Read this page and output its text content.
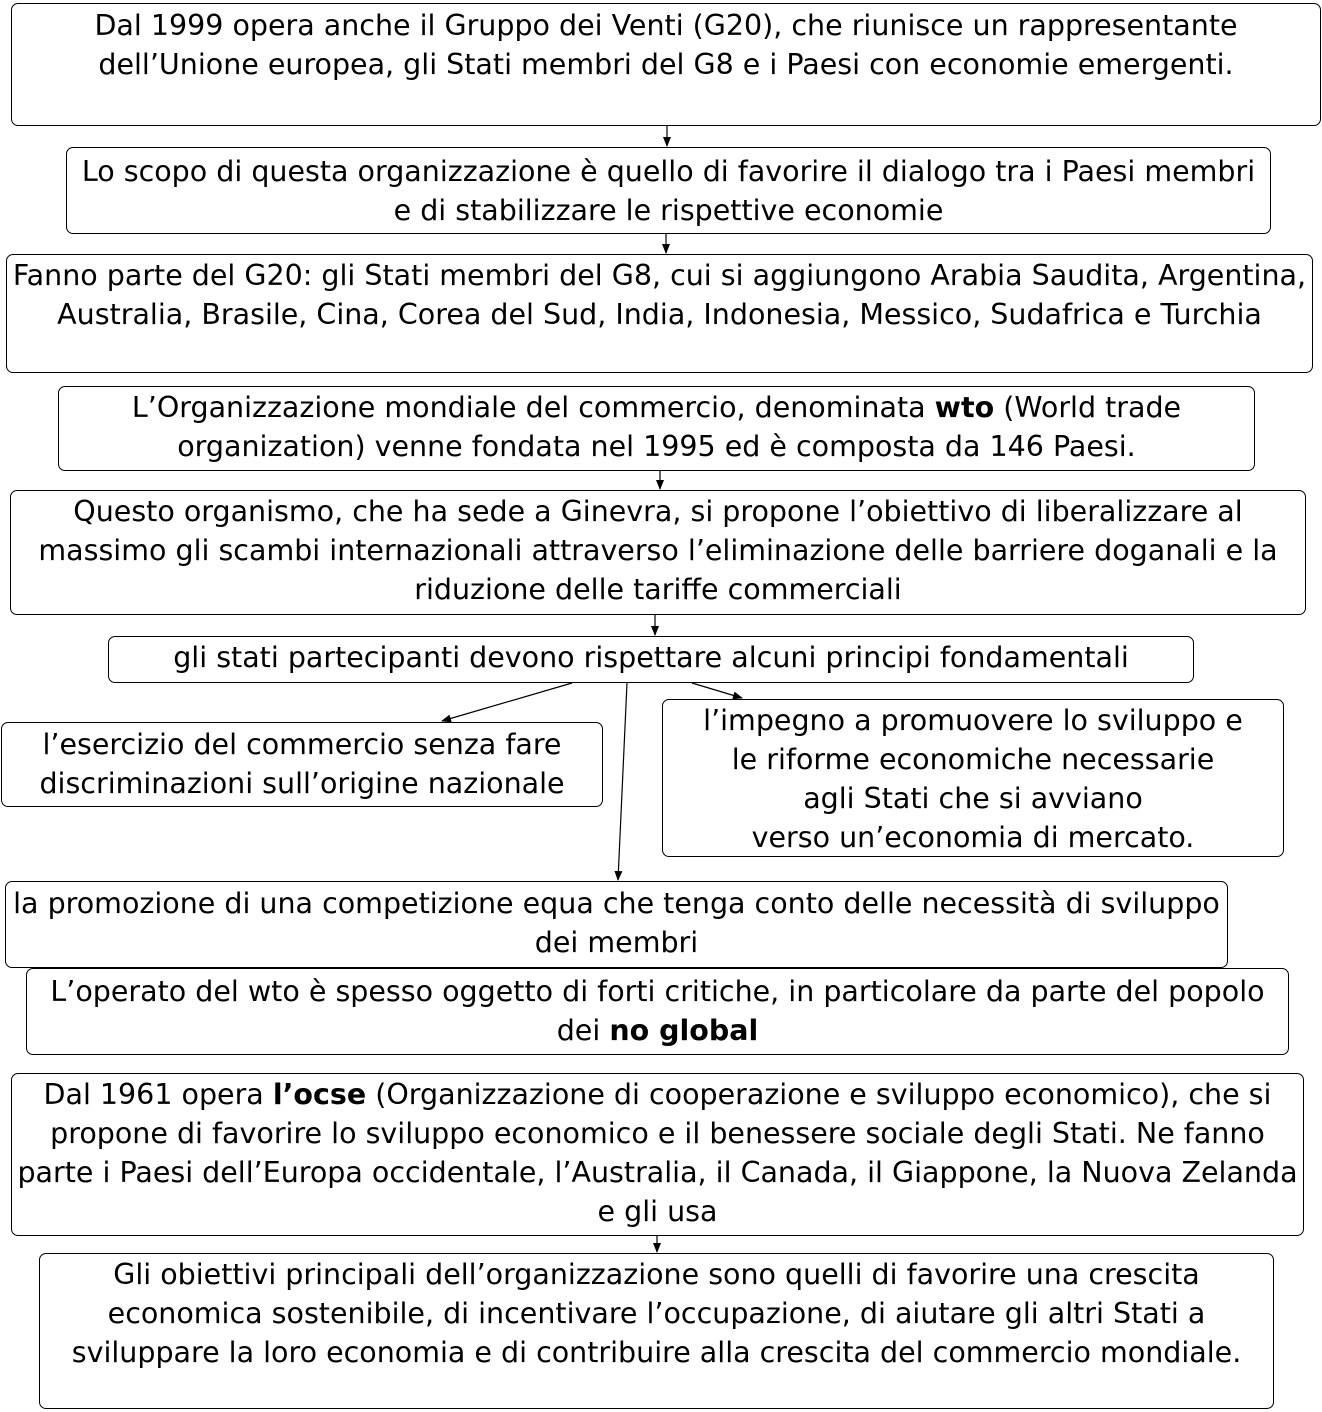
Dal 1999 opera anche il Gruppo dei Venti (G20), che riunisce un rappresentante dell’Unione europea, gli Stati membri del G8 e i Paesi con economie emergenti.

Lo scopo di questa organizzazione è quello di favorire il dialogo tra i Paesi membri e di stabilizzare le rispettive economie

Fanno parte del G20: gli Stati membri del G8, cui si aggiungono Arabia Saudita, Argentina, Australia, Brasile, Cina, Corea del Sud, India, Indonesia, Messico, Sudafrica e Turchia

L’Organizzazione mondiale del commercio, denominata wto (World trade organization) venne fondata nel 1995 ed è composta da 146 Paesi.

Questo organismo, che ha sede a Ginevra, si propone l’obiettivo di liberalizzare al massimo gli scambi internazionali attraverso l’eliminazione delle barriere doganali e la riduzione delle tariffe commerciali

gli stati partecipanti devono rispettare alcuni principi fondamentali

l’esercizio del commercio senza fare discriminazioni sull’origine nazionale

l’impegno a promuovere lo sviluppo e
le riforme economiche necessarie
agli Stati che si avviano
verso un’economia di mercato.

la promozione di una competizione equa che tenga conto delle necessità di sviluppo dei membri

L’operato del wto è spesso oggetto di forti critiche, in particolare da parte del popolo dei no global

Dal 1961 opera l’ocse (Organizzazione di cooperazione e sviluppo economico), che si propone di favorire lo sviluppo economico e il benessere sociale degli Stati. Ne fanno parte i Paesi dell’Europa occidentale, l’Australia, il Canada, il Giappone, la Nuova Zelanda e gli usa

Gli obiettivi principali dell’organizzazione sono quelli di favorire una crescita economica sostenibile, di incentivare l’occupazione, di aiutare gli altri Stati a sviluppare la loro economia e di contribuire alla crescita del commercio mondiale.
